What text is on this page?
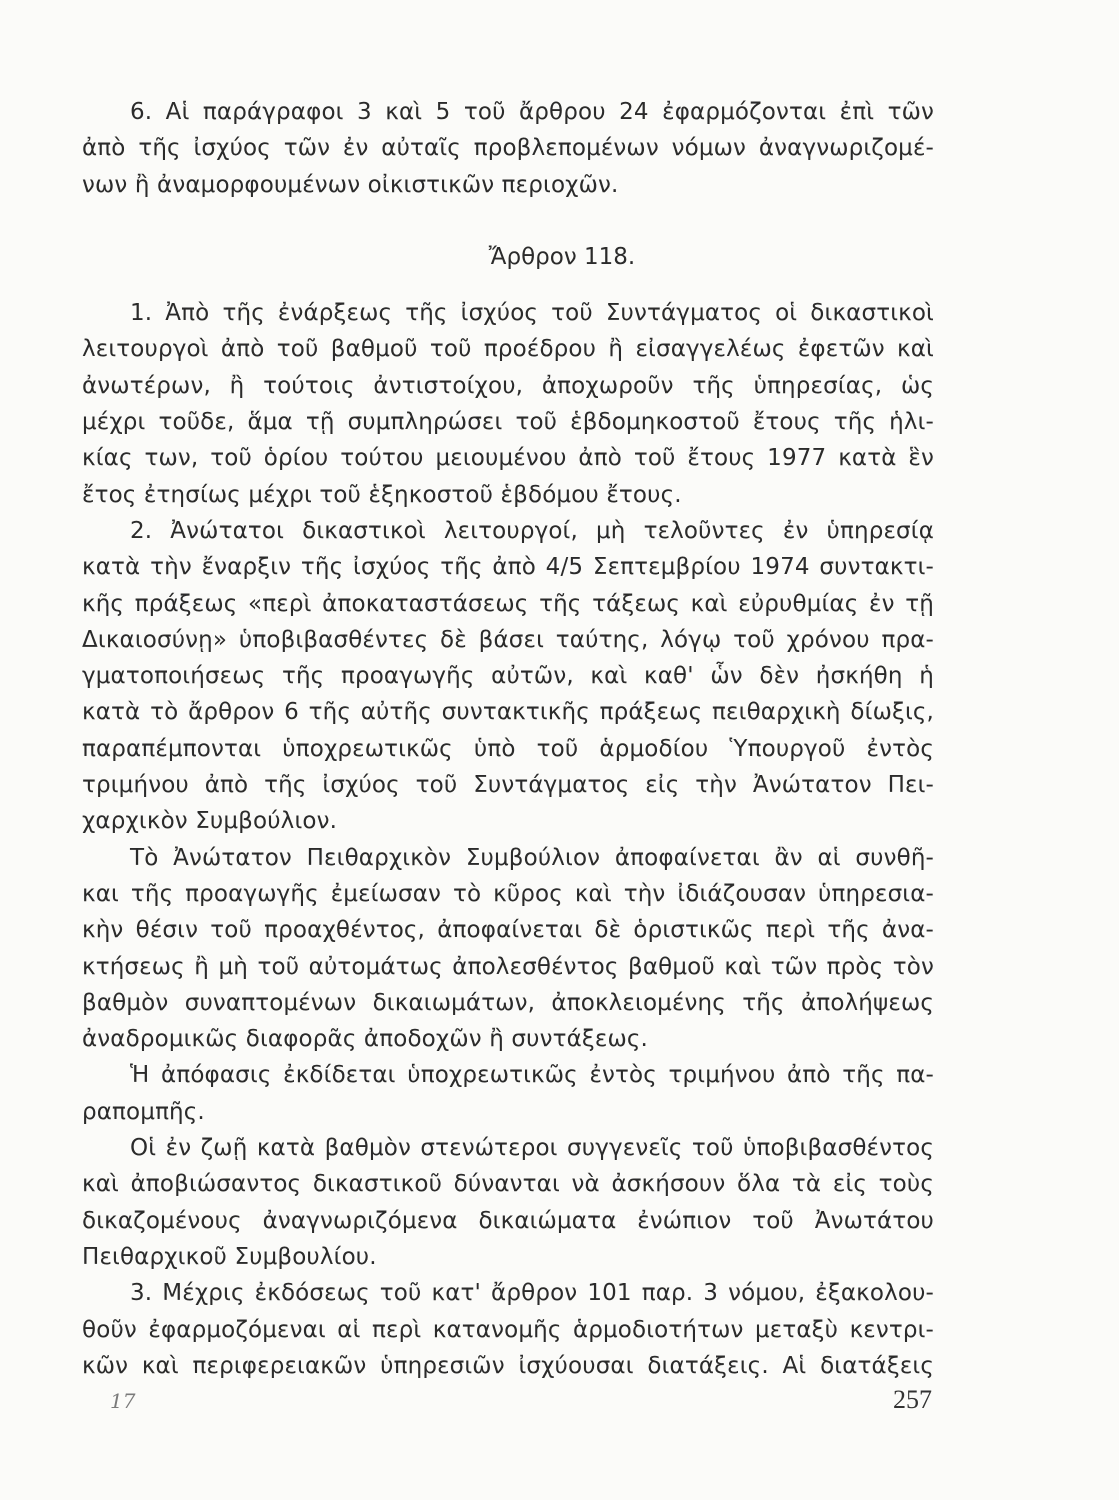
6. Αἱ παράγραφοι 3 καὶ 5 τοῦ ἄρθρου 24 ἐφαρμόζονται ἐπὶ τῶν
ἀπὸ τῆς ἰσχύος τῶν ἐν αὐταῖς προβλεπομένων νόμων ἀναγνωριζομέ-
νων ἢ ἀναμορφουμένων οἰκιστικῶν περιοχῶν.
Ἄρθρον 118.
1. Ἀπὸ τῆς ἐνάρξεως τῆς ἰσχύος τοῦ Συντάγματος οἱ δικαστικοὶ
λειτουργοὶ ἀπὸ τοῦ βαθμοῦ τοῦ προέδρου ἢ εἰσαγγελέως ἐφετῶν καὶ
ἀνωτέρων, ἢ τούτοις ἀντιστοίχου, ἀποχωροῦν τῆς ὑπηρεσίας, ὡς
μέχρι τοῦδε, ἅμα τῇ συμπληρώσει τοῦ ἑβδομηκοστοῦ ἔτους τῆς ἡλι-
κίας των, τοῦ ὁρίου τούτου μειουμένου ἀπὸ τοῦ ἔτους 1977 κατὰ ἓν
ἔτος ἐτησίως μέχρι τοῦ ἑξηκοστοῦ ἑβδόμου ἔτους.
2. Ἀνώτατοι δικαστικοὶ λειτουργοί, μὴ τελοῦντες ἐν ὑπηρεσίᾳ
κατὰ τὴν ἔναρξιν τῆς ἰσχύος τῆς ἀπὸ 4/5 Σεπτεμβρίου 1974 συντακτι-
κῆς πράξεως «περὶ ἀποκαταστάσεως τῆς τάξεως καὶ εὐρυθμίας ἐν τῇ
Δικαιοσύνῃ» ὑποβιβασθέντες δὲ βάσει ταύτης, λόγῳ τοῦ χρόνου πρα-
γματοποιήσεως τῆς προαγωγῆς αὐτῶν, καὶ καθ' ὧν δὲν ἠσκήθη ἡ
κατὰ τὸ ἄρθρον 6 τῆς αὐτῆς συντακτικῆς πράξεως πειθαρχικὴ δίωξις,
παραπέμπονται ὑποχρεωτικῶς ὑπὸ τοῦ ἁρμοδίου Ὑπουργοῦ ἐντὸς
τριμήνου ἀπὸ τῆς ἰσχύος τοῦ Συντάγματος εἰς τὴν Ἀνώτατον Πει-
χαρχικὸν Συμβούλιον.
Τὸ Ἀνώτατον Πειθαρχικὸν Συμβούλιον ἀποφαίνεται ἂν αἱ συνθῆ-
και τῆς προαγωγῆς ἐμείωσαν τὸ κῦρος καὶ τὴν ἰδιάζουσαν ὑπηρεσια-
κὴν θέσιν τοῦ προαχθέντος, ἀποφαίνεται δὲ ὁριστικῶς περὶ τῆς ἀνα-
κτήσεως ἢ μὴ τοῦ αὐτομάτως ἀπολεσθέντος βαθμοῦ καὶ τῶν πρὸς τὸν
βαθμὸν συναπτομένων δικαιωμάτων, ἀποκλειομένης τῆς ἀπολήψεως
ἀναδρομικῶς διαφορᾶς ἀποδοχῶν ἢ συντάξεως.
Ἡ ἀπόφασις ἐκδίδεται ὑποχρεωτικῶς ἐντὸς τριμήνου ἀπὸ τῆς πα-
ραπομπῆς.
Οἱ ἐν ζωῇ κατὰ βαθμὸν στενώτεροι συγγενεῖς τοῦ ὑποβιβασθέντος
καὶ ἀποβιώσαντος δικαστικοῦ δύνανται νὰ ἀσκήσουν ὅλα τὰ εἰς τοὺς
δικαζομένους ἀναγνωριζόμενα δικαιώματα ἐνώπιον τοῦ Ἀνωτάτου
Πειθαρχικοῦ Συμβουλίου.
3. Μέχρις ἐκδόσεως τοῦ κατ' ἄρθρον 101 παρ. 3 νόμου, ἐξακολου-
θοῦν ἐφαρμοζόμεναι αἱ περὶ κατανομῆς ἁρμοδιοτήτων μεταξὺ κεντρι-
κῶν καὶ περιφερειακῶν ὑπηρεσιῶν ἰσχύουσαι διατάξεις. Αἱ διατάξεις
17	257
